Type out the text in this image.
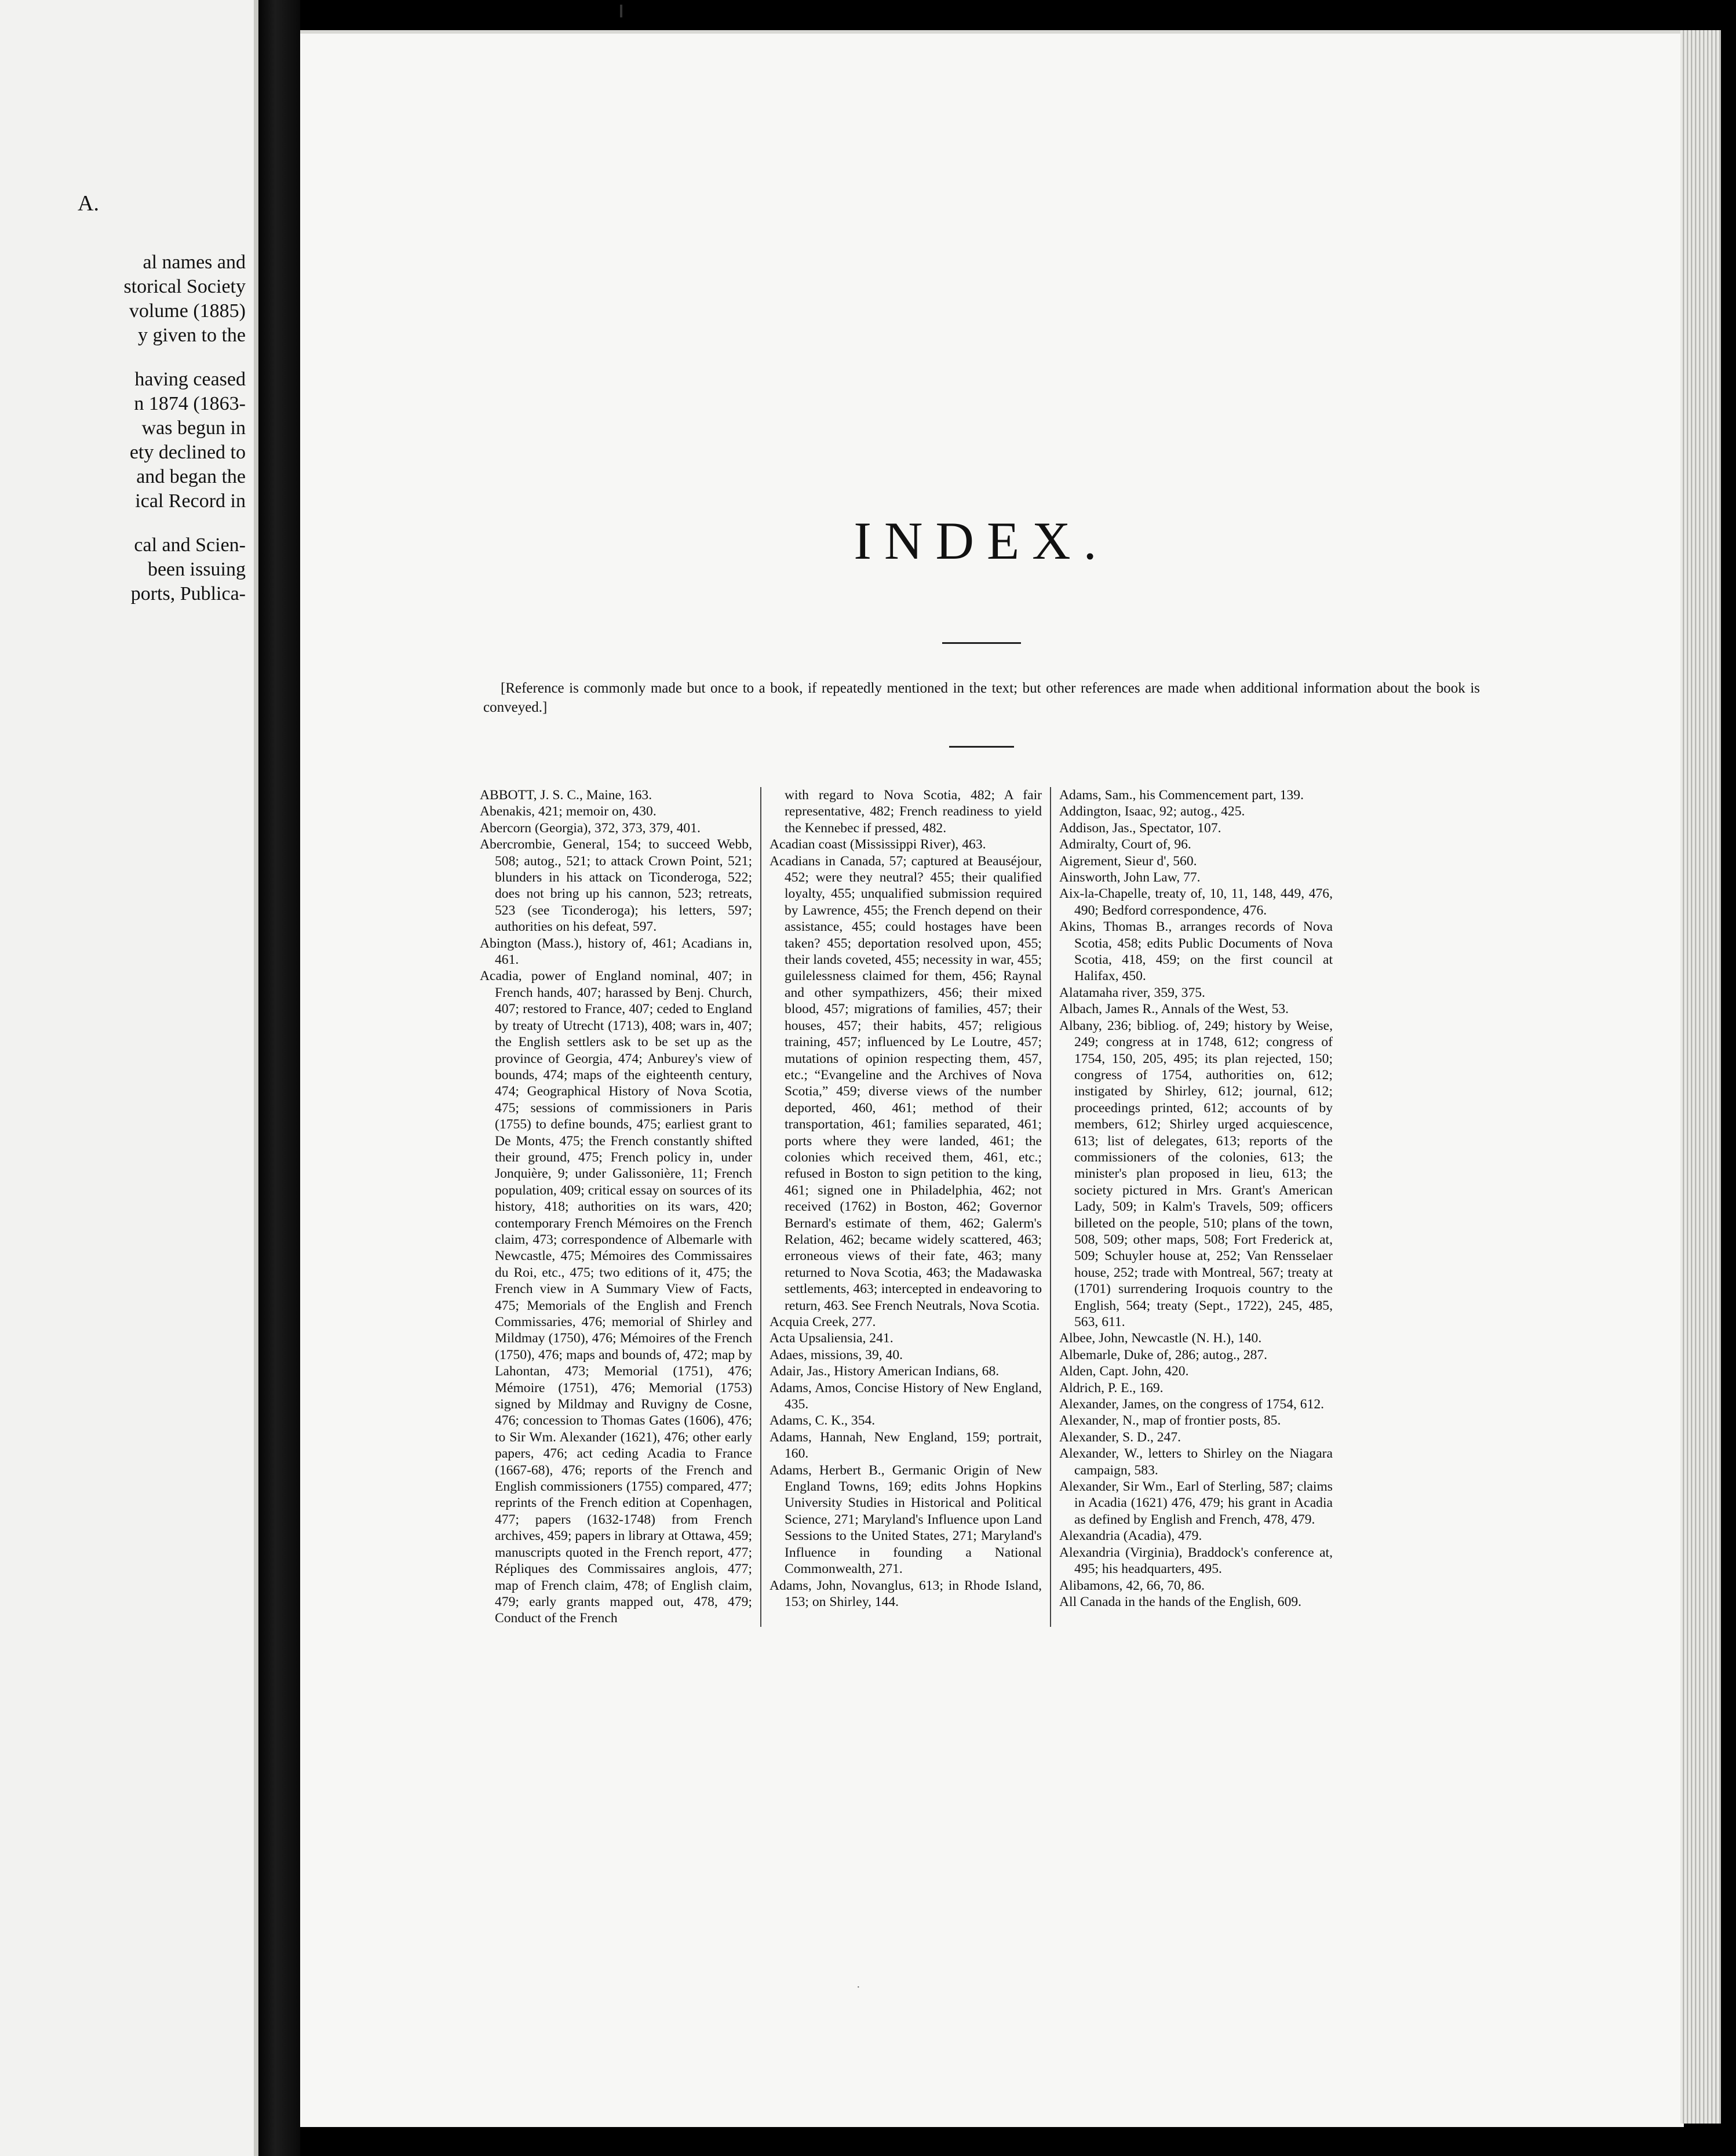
A.
al names and
storical Society
volume (1885)
y given to the
having ceased
n 1874 (1863-
was begun in
ety declined to
and began the
ical Record in
cal and Scien-
been issuing
ports, Publica-
INDEX.

[Reference is commonly made but once to a book, if repeatedly mentioned in the text; but other references are made when additional information about the book is conveyed.]

ABBOTT, J. S. C., Maine, 163.

Abenakis, 421; memoir on, 430.

Abercorn (Georgia), 372, 373, 379, 401.

Abercrombie, General, 154; to succeed Webb, 508; autog., 521; to attack Crown Point, 521; blunders in his attack on Ticonderoga, 522; does not bring up his cannon, 523; retreats, 523 (see Ticonderoga); his letters, 597; authorities on his defeat, 597.

Abington (Mass.), history of, 461; Acadians in, 461.

Acadia, power of England nominal, 407; in French hands, 407; harassed by Benj. Church, 407; restored to France, 407; ceded to England by treaty of Utrecht (1713), 408; wars in, 407; the English settlers ask to be set up as the province of Georgia, 474; Anburey's view of bounds, 474; maps of the eighteenth century, 474; Geographical History of Nova Scotia, 475; sessions of commissioners in Paris (1755) to define bounds, 475; earliest grant to De Monts, 475; the French constantly shifted their ground, 475; French policy in, under Jonquière, 9; under Galissonière, 11; French population, 409; critical essay on sources of its history, 418; authorities on its wars, 420; contemporary French Mémoires on the French claim, 473; correspondence of Albemarle with Newcastle, 475; Mémoires des Commissaires du Roi, etc., 475; two editions of it, 475; the French view in A Summary View of Facts, 475; Memorials of the English and French Commissaries, 476; memorial of Shirley and Mildmay (1750), 476; Mémoires of the French (1750), 476; maps and bounds of, 472; map by Lahontan, 473; Memorial (1751), 476; Mémoire (1751), 476; Memorial (1753) signed by Mildmay and Ruvigny de Cosne, 476; concession to Thomas Gates (1606), 476; to Sir Wm. Alexander (1621), 476; other early papers, 476; act ceding Acadia to France (1667-68), 476; reports of the French and English commissioners (1755) compared, 477; reprints of the French edition at Copenhagen, 477; papers (1632-1748) from French archives, 459; papers in library at Ottawa, 459; manuscripts quoted in the French report, 477; Répliques des Commissaires anglois, 477; map of French claim, 478; of English claim, 479; early grants mapped out, 478, 479; Conduct of the French

with regard to Nova Scotia, 482; A fair representative, 482; French readiness to yield the Kennebec if pressed, 482.

Acadian coast (Mississippi River), 463.

Acadians in Canada, 57; captured at Beauséjour, 452; were they neutral? 455; their qualified loyalty, 455; unqualified submission required by Lawrence, 455; the French depend on their assistance, 455; could hostages have been taken? 455; deportation resolved upon, 455; their lands coveted, 455; necessity in war, 455; guilelessness claimed for them, 456; Raynal and other sympathizers, 456; their mixed blood, 457; migrations of families, 457; their houses, 457; their habits, 457; religious training, 457; influenced by Le Loutre, 457; mutations of opinion respecting them, 457, etc.; “Evangeline and the Archives of Nova Scotia,” 459; diverse views of the number deported, 460, 461; method of their transportation, 461; families separated, 461; ports where they were landed, 461; the colonies which received them, 461, etc.; refused in Boston to sign petition to the king, 461; signed one in Philadelphia, 462; not received (1762) in Boston, 462; Governor Bernard's estimate of them, 462; Galerm's Relation, 462; became widely scattered, 463; erroneous views of their fate, 463; many returned to Nova Scotia, 463; the Madawaska settlements, 463; intercepted in endeavoring to return, 463. See French Neutrals, Nova Scotia.

Acquia Creek, 277.

Acta Upsaliensia, 241.

Adaes, missions, 39, 40.

Adair, Jas., History American Indians, 68.

Adams, Amos, Concise History of New England, 435.

Adams, C. K., 354.

Adams, Hannah, New England, 159; portrait, 160.

Adams, Herbert B., Germanic Origin of New England Towns, 169; edits Johns Hopkins University Studies in Historical and Political Science, 271; Maryland's Influence upon Land Sessions to the United States, 271; Maryland's Influence in founding a National Commonwealth, 271.

Adams, John, Novanglus, 613; in Rhode Island, 153; on Shirley, 144.

Adams, Sam., his Commencement part, 139.

Addington, Isaac, 92; autog., 425.

Addison, Jas., Spectator, 107.

Admiralty, Court of, 96.

Aigrement, Sieur d', 560.

Ainsworth, John Law, 77.

Aix-la-Chapelle, treaty of, 10, 11, 148, 449, 476, 490; Bedford correspondence, 476.

Akins, Thomas B., arranges records of Nova Scotia, 458; edits Public Documents of Nova Scotia, 418, 459; on the first council at Halifax, 450.

Alatamaha river, 359, 375.

Albach, James R., Annals of the West, 53.

Albany, 236; bibliog. of, 249; history by Weise, 249; congress at in 1748, 612; congress of 1754, 150, 205, 495; its plan rejected, 150; congress of 1754, authorities on, 612; instigated by Shirley, 612; journal, 612; proceedings printed, 612; accounts of by members, 612; Shirley urged acquiescence, 613; list of delegates, 613; reports of the commissioners of the colonies, 613; the minister's plan proposed in lieu, 613; the society pictured in Mrs. Grant's American Lady, 509; in Kalm's Travels, 509; officers billeted on the people, 510; plans of the town, 508, 509; other maps, 508; Fort Frederick at, 509; Schuyler house at, 252; Van Rensselaer house, 252; trade with Montreal, 567; treaty at (1701) surrendering Iroquois country to the English, 564; treaty (Sept., 1722), 245, 485, 563, 611.

Albee, John, Newcastle (N. H.), 140.

Albemarle, Duke of, 286; autog., 287.

Alden, Capt. John, 420.

Aldrich, P. E., 169.

Alexander, James, on the congress of 1754, 612.

Alexander, N., map of frontier posts, 85.

Alexander, S. D., 247.

Alexander, W., letters to Shirley on the Niagara campaign, 583.

Alexander, Sir Wm., Earl of Sterling, 587; claims in Acadia (1621) 476, 479; his grant in Acadia as defined by English and French, 478, 479.

Alexandria (Acadia), 479.

Alexandria (Virginia), Braddock's conference at, 495; his headquarters, 495.

Alibamons, 42, 66, 70, 86.

All Canada in the hands of the English, 609.

·
